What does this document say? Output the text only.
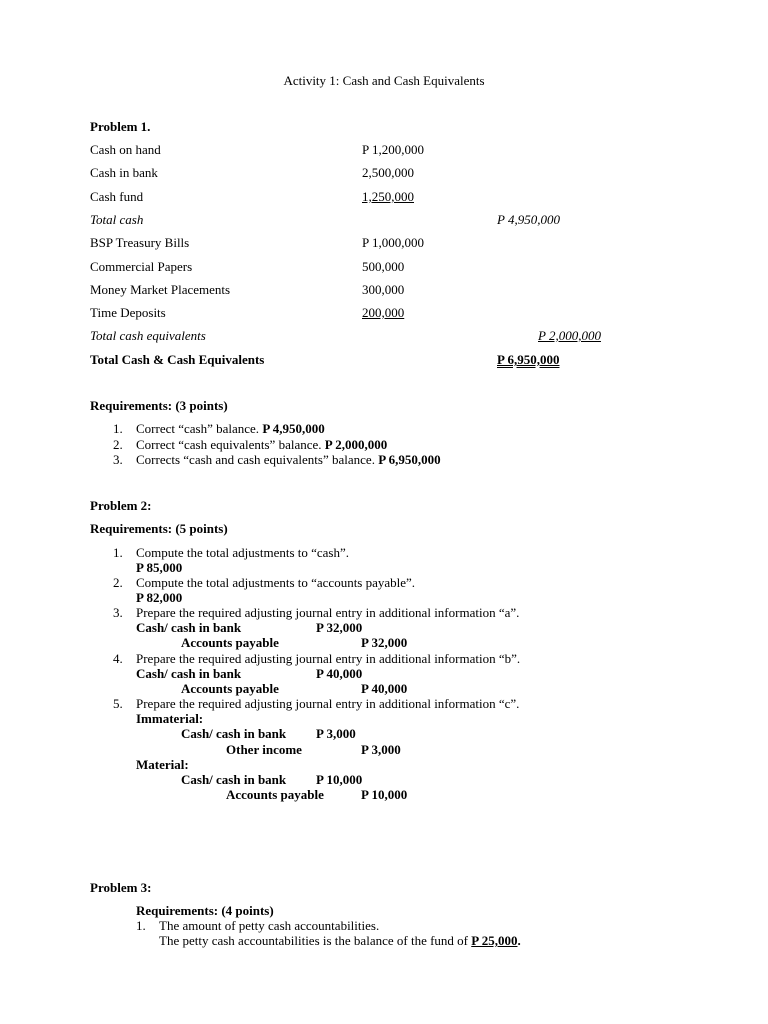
Activity 1: Cash and Cash Equivalents
Problem 1.
Cash on hand	P 1,200,000
Cash in bank	2,500,000
Cash fund	1,250,000
Total cash	P 4,950,000
BSP Treasury Bills	P 1,000,000
Commercial Papers	500,000
Money Market Placements	300,000
Time Deposits	200,000
Total cash equivalents	P 2,000,000
Total Cash & Cash Equivalents	P 6,950,000
Requirements: (3 points)
1. Correct “cash” balance. P 4,950,000
2. Correct “cash equivalents” balance. P 2,000,000
3. Corrects “cash and cash equivalents” balance. P 6,950,000
Problem 2:
Requirements: (5 points)
1. Compute the total adjustments to “cash”.
P 85,000
2. Compute the total adjustments to “accounts payable”.
P 82,000
3. Prepare the required adjusting journal entry in additional information “a”.
Cash/ cash in bank	P 32,000
Accounts payable	P 32,000
4. Prepare the required adjusting journal entry in additional information “b”.
Cash/ cash in bank	P 40,000
Accounts payable	P 40,000
5. Prepare the required adjusting journal entry in additional information “c”.
Immaterial:
Cash/ cash in bank P 3,000
Other income	P 3,000
Material:
Cash/ cash in bank P 10,000
Accounts payable	P 10,000
Problem 3:
Requirements: (4 points)
1. The amount of petty cash accountabilities.
The petty cash accountabilities is the balance of the fund of P 25,000.
